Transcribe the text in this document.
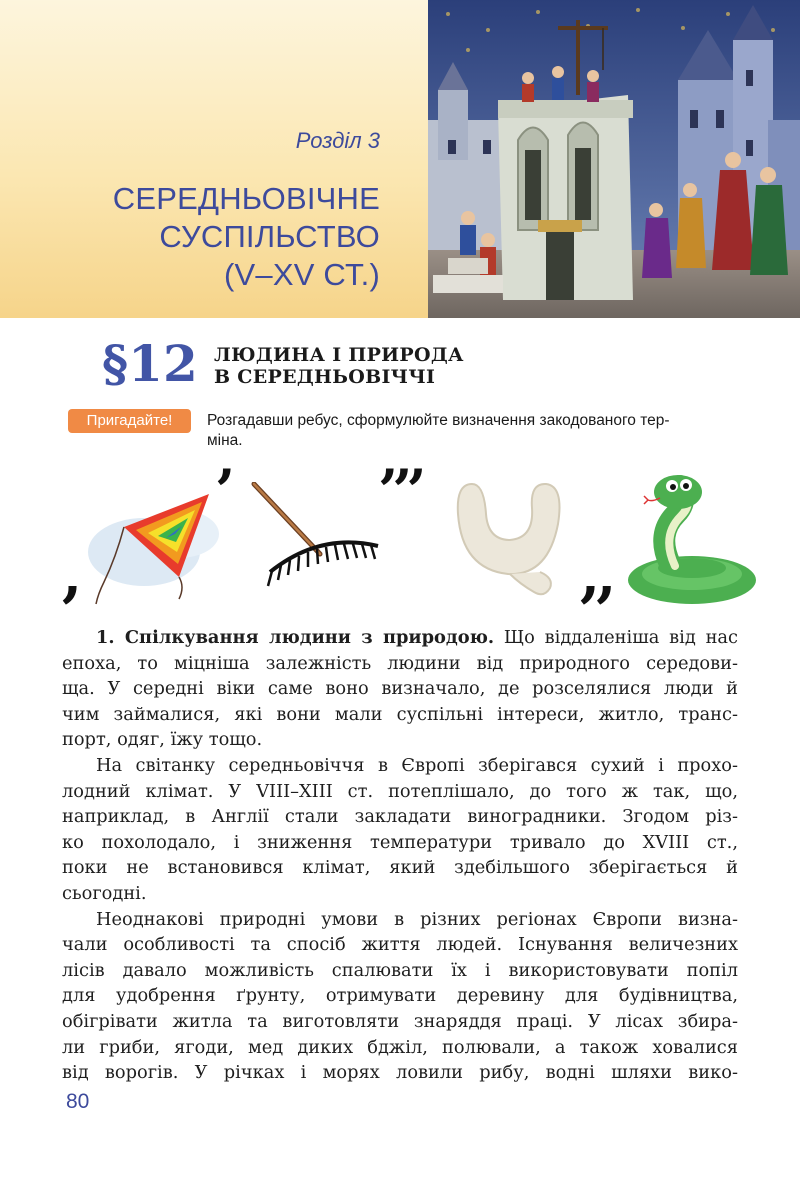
Розділ 3
СЕРЕДНЬОВІЧНЕ
СУСПІЛЬСТВО
(V–XV СТ.)
§12 ЛЮДИНА І ПРИРОДА
В СЕРЕДНЬОВІЧЧІ
Пригадайте!	Розгадавши ребус, сформулюйте визначення закодованого тер-
міна.
,
’ ’’’
,,
1. Спілкування людини з природою. Що віддаленіша від нас
епоха, то міцніша залежність людини від природного середови-
ща. У середні віки саме воно визначало, де розселялися люди й
чим займалися, які вони мали суспільні інтереси, житло, транс-
порт, одяг, їжу тощо.
На світанку середньовіччя в Європі зберігався сухий і прохо-
лодний клімат. У VIII–XIII ст. потеплішало, до того ж так, що,
наприклад, в Англії стали закладати виноградники. Згодом різ-
ко похолодало, і зниження температури тривало до XVIII ст.,
поки не встановився клімат, який здебільшого зберігається й
сьогодні.
Неоднакові природні умови в різних регіонах Європи визна-
чали особливості та спосіб життя людей. Існування величезних
лісів давало можливість спалювати їх і використовувати попіл
для удобрення ґрунту, отримувати деревину для будівництва,
обігрівати житла та виготовляти знаряддя праці. У лісах збира-
ли гриби, ягоди, мед диких бджіл, полювали, а також ховалися
від ворогів. У річках і морях ловили рибу, водні шляхи вико-
80
